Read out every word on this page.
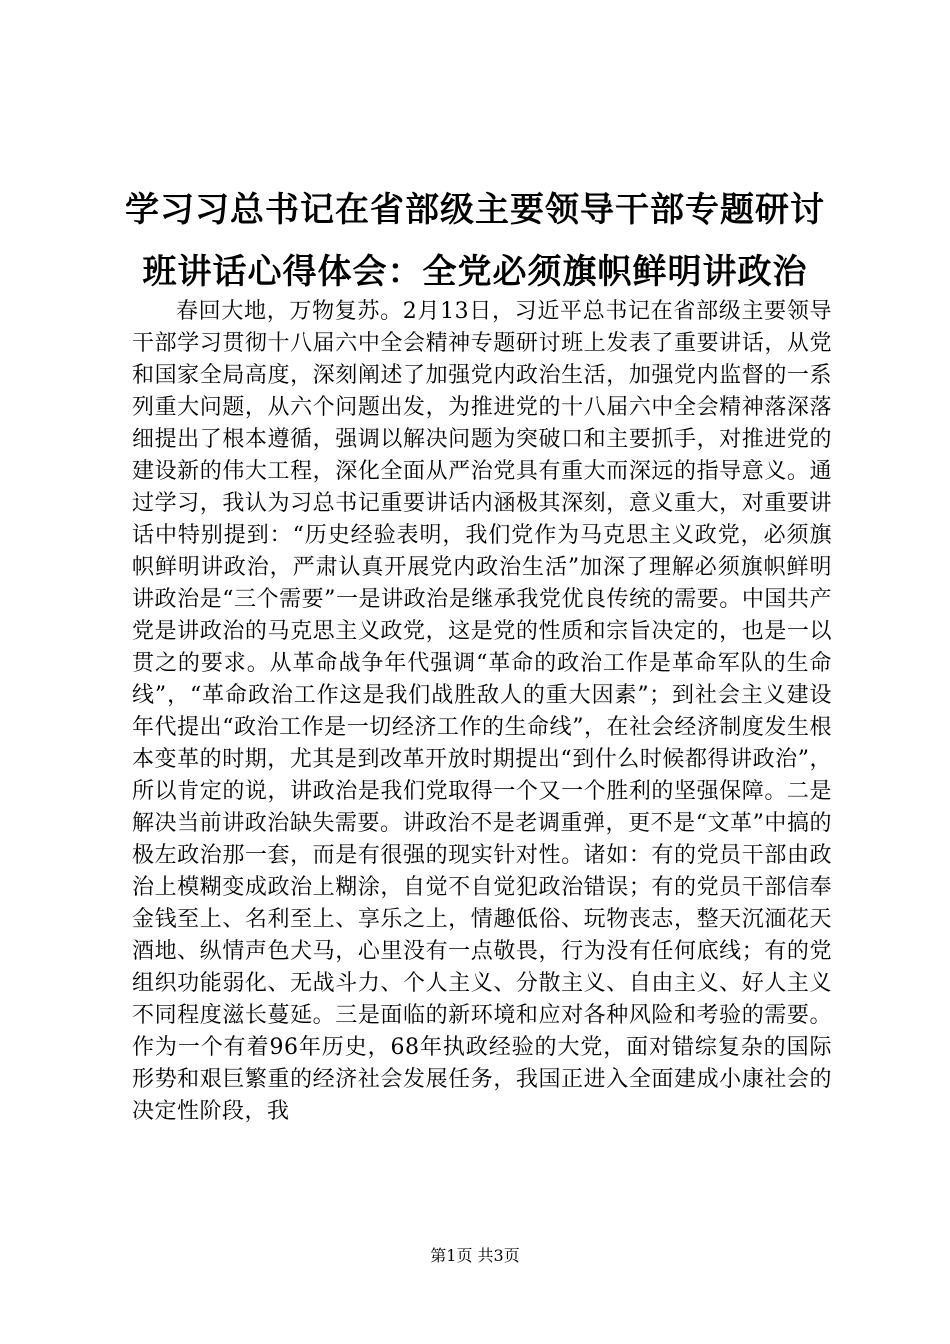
学习习总书记在省部级主要领导干部专题研讨
班讲话心得体会：全党必须旗帜鲜明讲政治
春回大地，万物复苏。2月13日，习近平总书记在省部级主要领导干部学习贯彻十八届六中全会精神专题研讨班上发表了重要讲话，从党和国家全局高度，深刻阐述了加强党内政治生活，加强党内监督的一系列重大问题，从六个问题出发，为推进党的十八届六中全会精神落深落细提出了根本遵循，强调以解决问题为突破口和主要抓手，对推进党的建设新的伟大工程，深化全面从严治党具有重大而深远的指导意义。通过学习，我认为习总书记重要讲话内涵极其深刻，意义重大，对重要讲话中特别提到：“历史经验表明，我们党作为马克思主义政党，必须旗帜鲜明讲政治，严肃认真开展党内政治生活”加深了理解必须旗帜鲜明讲政治是“三个需要”一是讲政治是继承我党优良传统的需要。中国共产党是讲政治的马克思主义政党，这是党的性质和宗旨决定的，也是一以贯之的要求。从革命战争年代强调“革命的政治工作是革命军队的生命线”，“革命政治工作这是我们战胜敌人的重大因素”；到社会主义建设年代提出“政治工作是一切经济工作的生命线”，在社会经济制度发生根本变革的时期，尤其是到改革开放时期提出“到什么时候都得讲政治”，所以肯定的说，讲政治是我们党取得一个又一个胜利的坚强保障。二是解决当前讲政治缺失需要。讲政治不是老调重弹，更不是“文革”中搞的极左政治那一套，而是有很强的现实针对性。诸如：有的党员干部由政治上模糊变成政治上糊涂，自觉不自觉犯政治错误；有的党员干部信奉金钱至上、名利至上、享乐之上，情趣低俗、玩物丧志，整天沉湎花天酒地、纵情声色犬马，心里没有一点敬畏，行为没有任何底线；有的党组织功能弱化、无战斗力、个人主义、分散主义、自由主义、好人主义不同程度滋长蔓延。三是面临的新环境和应对各种风险和考验的需要。作为一个有着96年历史，68年执政经验的大党，面对错综复杂的国际形势和艰巨繁重的经济社会发展任务，我国正进入全面建成小康社会的决定性阶段，我
第1页 共3页
